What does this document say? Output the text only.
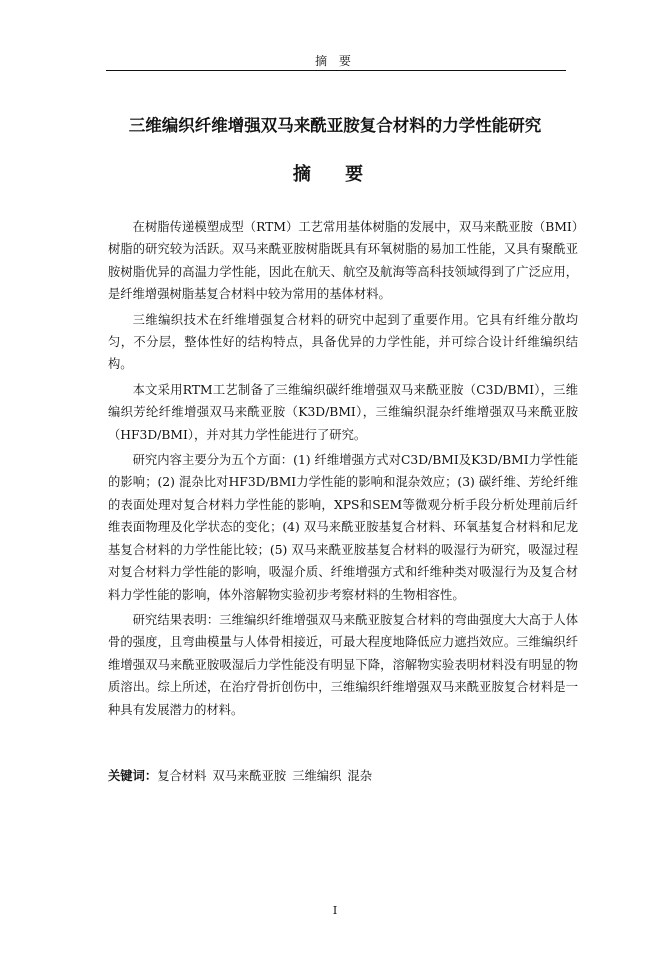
摘 要
三维编织纤维增强双马来酰亚胺复合材料的力学性能研究
摘 要

在树脂传递模塑成型（RTM）工艺常用基体树脂的发展中，双马来酰亚胺（BMI）树脂的研究较为活跃。双马来酰亚胺树脂既具有环氧树脂的易加工性能，又具有聚酰亚胺树脂优异的高温力学性能，因此在航天、航空及航海等高科技领域得到了广泛应用，是纤维增强树脂基复合材料中较为常用的基体材料。

三维编织技术在纤维增强复合材料的研究中起到了重要作用。它具有纤维分散均匀，不分层，整体性好的结构特点，具备优异的力学性能，并可综合设计纤维编织结构。

本文采用RTM工艺制备了三维编织碳纤维增强双马来酰亚胺（C3D/BMI），三维编织芳纶纤维增强双马来酰亚胺（K3D/BMI），三维编织混杂纤维增强双马来酰亚胺（HF3D/BMI），并对其力学性能进行了研究。

研究内容主要分为五个方面：(1) 纤维增强方式对C3D/BMI及K3D/BMI力学性能的影响；(2) 混杂比对HF3D/BMI力学性能的影响和混杂效应；(3) 碳纤维、芳纶纤维的表面处理对复合材料力学性能的影响，XPS和SEM等微观分析手段分析处理前后纤维表面物理及化学状态的变化；(4) 双马来酰亚胺基复合材料、环氧基复合材料和尼龙基复合材料的力学性能比较；(5) 双马来酰亚胺基复合材料的吸湿行为研究，吸湿过程对复合材料力学性能的影响，吸湿介质、纤维增强方式和纤维种类对吸湿行为及复合材料力学性能的影响，体外溶解物实验初步考察材料的生物相容性。

研究结果表明：三维编织纤维增强双马来酰亚胺复合材料的弯曲强度大大高于人体骨的强度，且弯曲模量与人体骨相接近，可最大程度地降低应力遮挡效应。三维编织纤维增强双马来酰亚胺吸湿后力学性能没有明显下降，溶解物实验表明材料没有明显的物质溶出。综上所述，在治疗骨折创伤中，三维编织纤维增强双马来酰亚胺复合材料是一种具有发展潜力的材料。

关键词：复合材料 双马来酰亚胺 三维编织 混杂
I
